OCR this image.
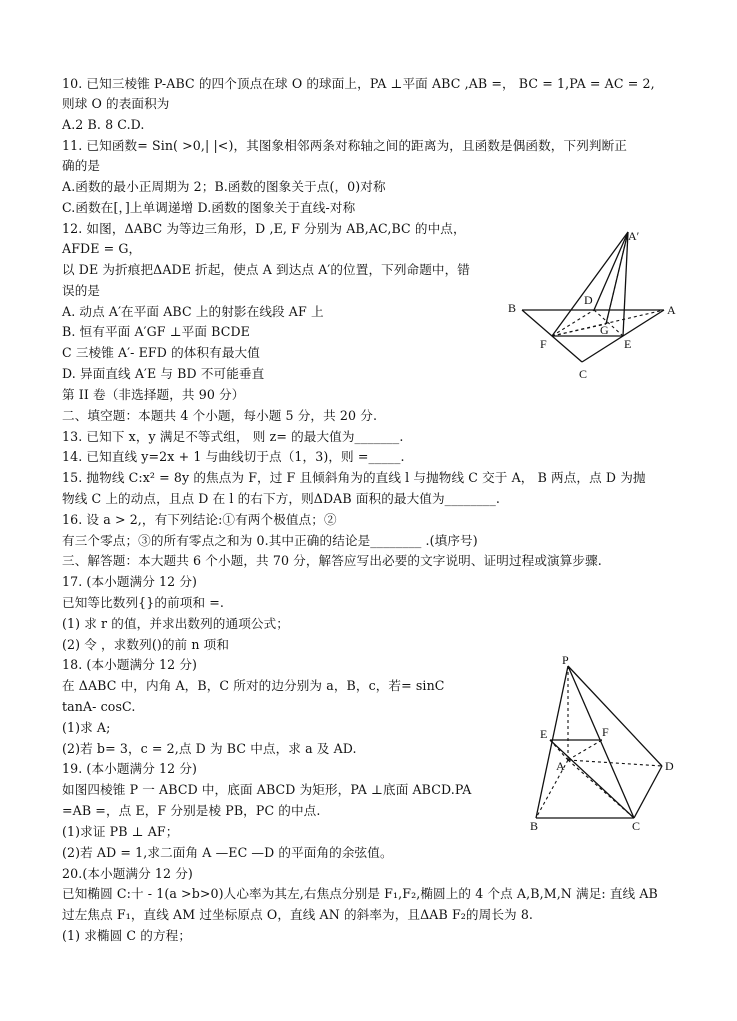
10. 已知三棱锥 P-ABC 的四个顶点在球 O 的球面上，PA ⊥平面 ABC ,AB =， BC = 1,PA = AC = 2,
则球 O 的表面积为
A.2 B. 8 C.D.
11. 已知函数= Sin( >0,| |<)，其图象相邻两条对称轴之间的距离为，且函数是偶函数，下列判断正
确的是
A.函数的最小正周期为 2；B.函数的图象关于点(，0)对称
C.函数在[，]上单调递增 D.函数的图象关于直线-对称
12. 如图，ΔABC 为等边三角形，D ,E, F 分别为 AB,AC,BC 的中点，
AFDE = G，
以 DE 为折痕把ΔADE 折起，使点 A 到达点 A′的位置，下列命题中，错
误的是
A. 动点 A′在平面 ABC 上的射影在线段 AF 上
B. 恒有平面 A′GF ⊥平面 BCDE
C 三棱锥 A′- EFD 的体积有最大值
D. 异面直线 A′E 与 BD 不可能垂直
A′
B
D
A
G
F	E
C
第 II 卷（非选择题，共 90 分）
二、填空题：本题共 4 个小题，每小题 5 分，共 20 分.
13. 已知下 x，y 满足不等式组， 则 z= 的最大值为_______.
14. 已知直线 y=2x + 1 与曲线切于点（1，3)，则 =_____.
15. 抛物线 C:x² = 8y 的焦点为 F，过 F 且倾斜角为的直线 l 与抛物线 C 交于 A， B 两点，点 D 为抛
物线 C 上的动点，且点 D 在 l 的右下方，则ΔDAB 面积的最大值为________.
16. 设 a > 2,，有下列结论:①有两个极值点；②
有三个零点；③的所有零点之和为 0.其中正确的结论是________ .(填序号)
三、解答题：本大题共 6 个小题，共 70 分，解答应写出必要的文字说明、证明过程或演算步骤.
17. (本小题满分 12 分)
已知等比数列{}的前项和 =.
(1) 求 r 的值，并求出数列的通项公式；
(2) 令 ，求数列()的前 n 项和
18. (本小题满分 12 分)
在 ΔABC 中，内角 A，B，C 所对的边分别为 a，B，c，若= sinC
tanA- cosC.
(1)求 A;
(2)若 b= 3，c = 2,点 D 为 BC 中点，求 a 及 AD.
19. (本小题满分 12 分)
如图四棱锥 P 一 ABCD 中，底面 ABCD 为矩形，PA ⊥底面 ABCD.PA
=AB =，点 E，F 分别是棱 PB，PC 的中点.
(1)求证 PB ⊥ AF；
(2)若 AD = 1,求二面角 A —EC —D 的平面角的余弦值。
P
E	F
A	D
B	C
20.(本小题满分 12 分)
已知椭圆 C:十 - 1(a >b>0)人心率为其左,右焦点分别是 F₁,F₂,椭圆上的 4 个点 A,B,M,N 满足: 直线 AB
过左焦点 F₁，直线 AM 过坐标原点 O，直线 AN 的斜率为，且ΔAB F₂的周长为 8.
(1) 求椭圆 C 的方程；
